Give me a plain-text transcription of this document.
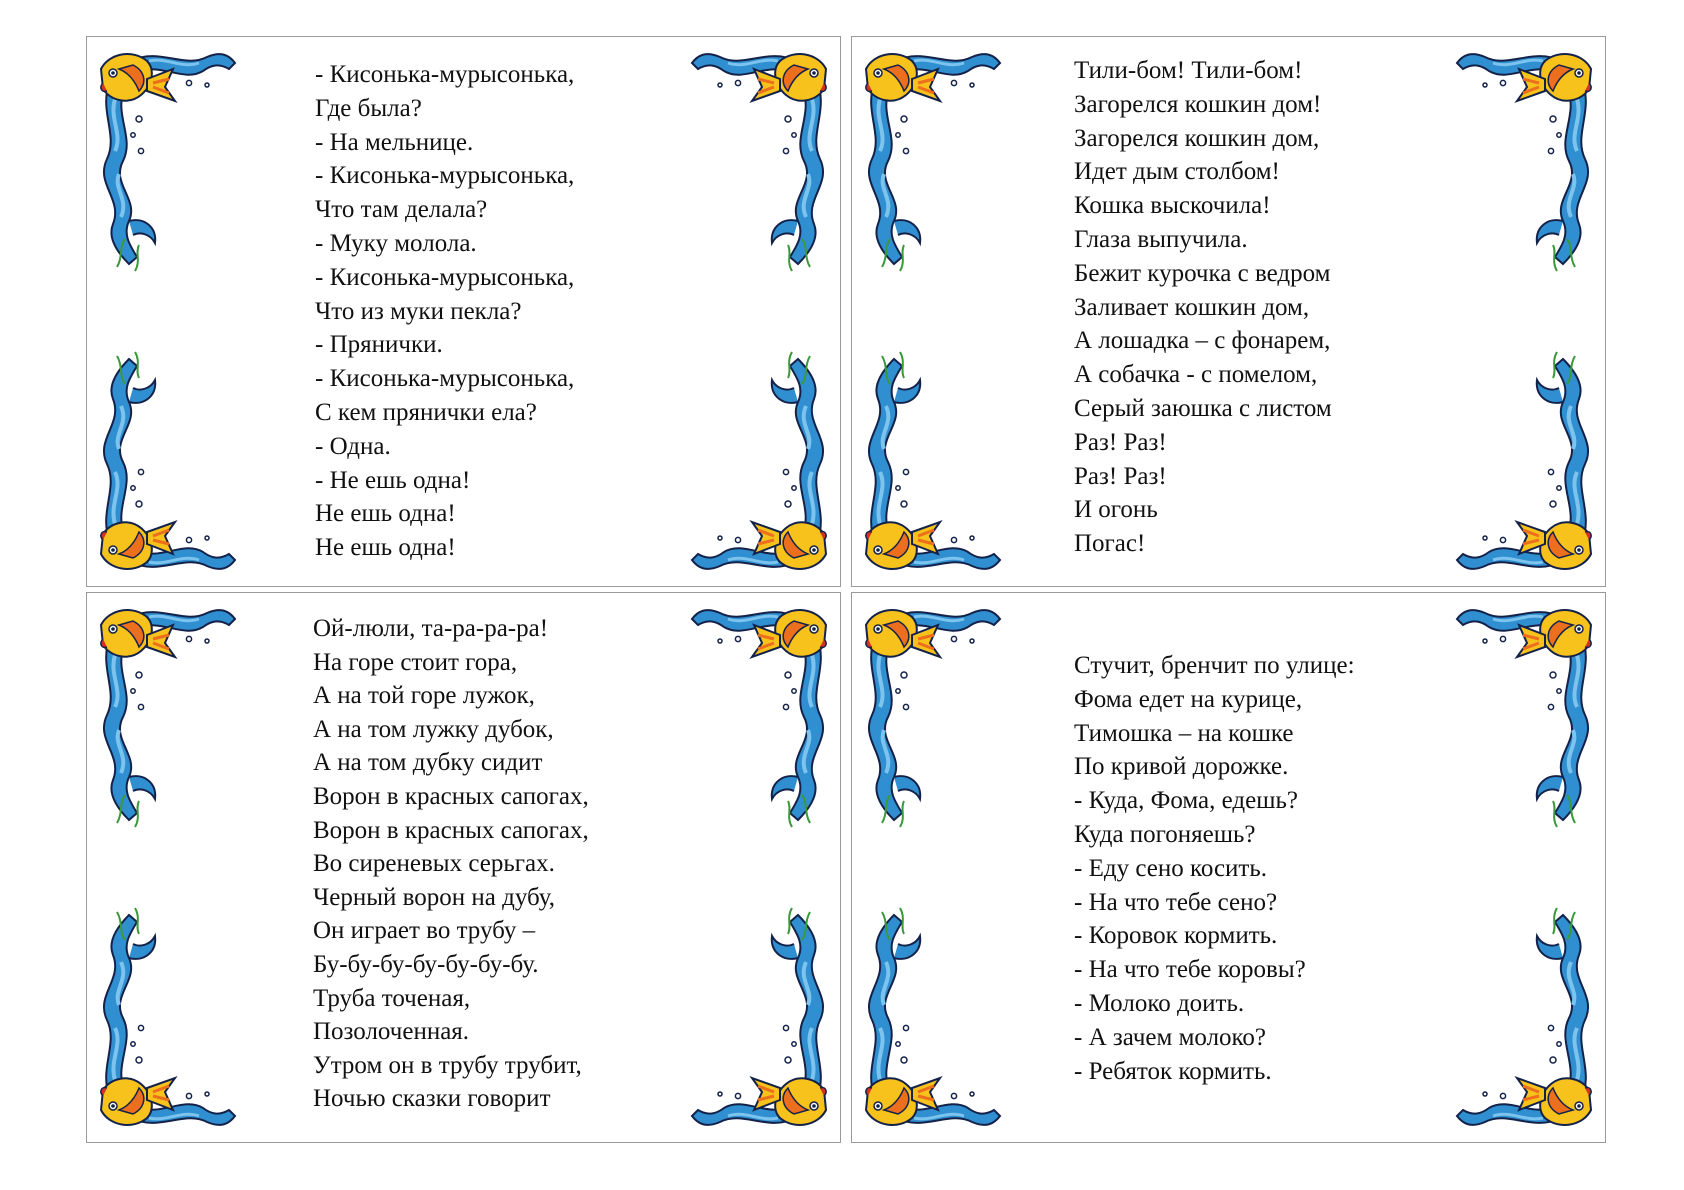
- Кисонька-мурысонька,
Где была?
- На мельнице.
- Кисонька-мурысонька,
Что там делала?
- Муку молола.
- Кисонька-мурысонька,
Что из муки пекла?
- Прянички.
- Кисонька-мурысонька,
С кем прянички ела?
- Одна.
- Не ешь одна!
Не ешь одна!
Не ешь одна!
Тили-бом! Тили-бом!
Загорелся кошкин дом!
Загорелся кошкин дом,
Идет дым столбом!
Кошка выскочила!
Глаза выпучила.
Бежит курочка с ведром
Заливает кошкин дом,
А лошадка – с фонарем,
А собачка - с помелом,
Серый заюшка с листом
Раз! Раз!
Раз! Раз!
И огонь
Погас!
Ой-люли, та-ра-ра-ра!
На горе стоит гора,
А на той горе лужок,
А на том лужку дубок,
А на том дубку сидит
Ворон в красных сапогах,
Ворон в красных сапогах,
Во сиреневых серьгах.
Черный ворон на дубу,
Он играет во трубу –
Бу-бу-бу-бу-бу-бу-бу.
Труба точеная,
Позолоченная.
Утром он в трубу трубит,
Ночью сказки говорит
Стучит, бренчит по улице:
Фома едет на курице,
Тимошка – на кошке
По кривой дорожке.
- Куда, Фома, едешь?
Куда погоняешь?
- Еду сено косить.
- На что тебе сено?
- Коровок кормить.
- На что тебе коровы?
- Молоко доить.
- А зачем молоко?
- Ребяток кормить.
